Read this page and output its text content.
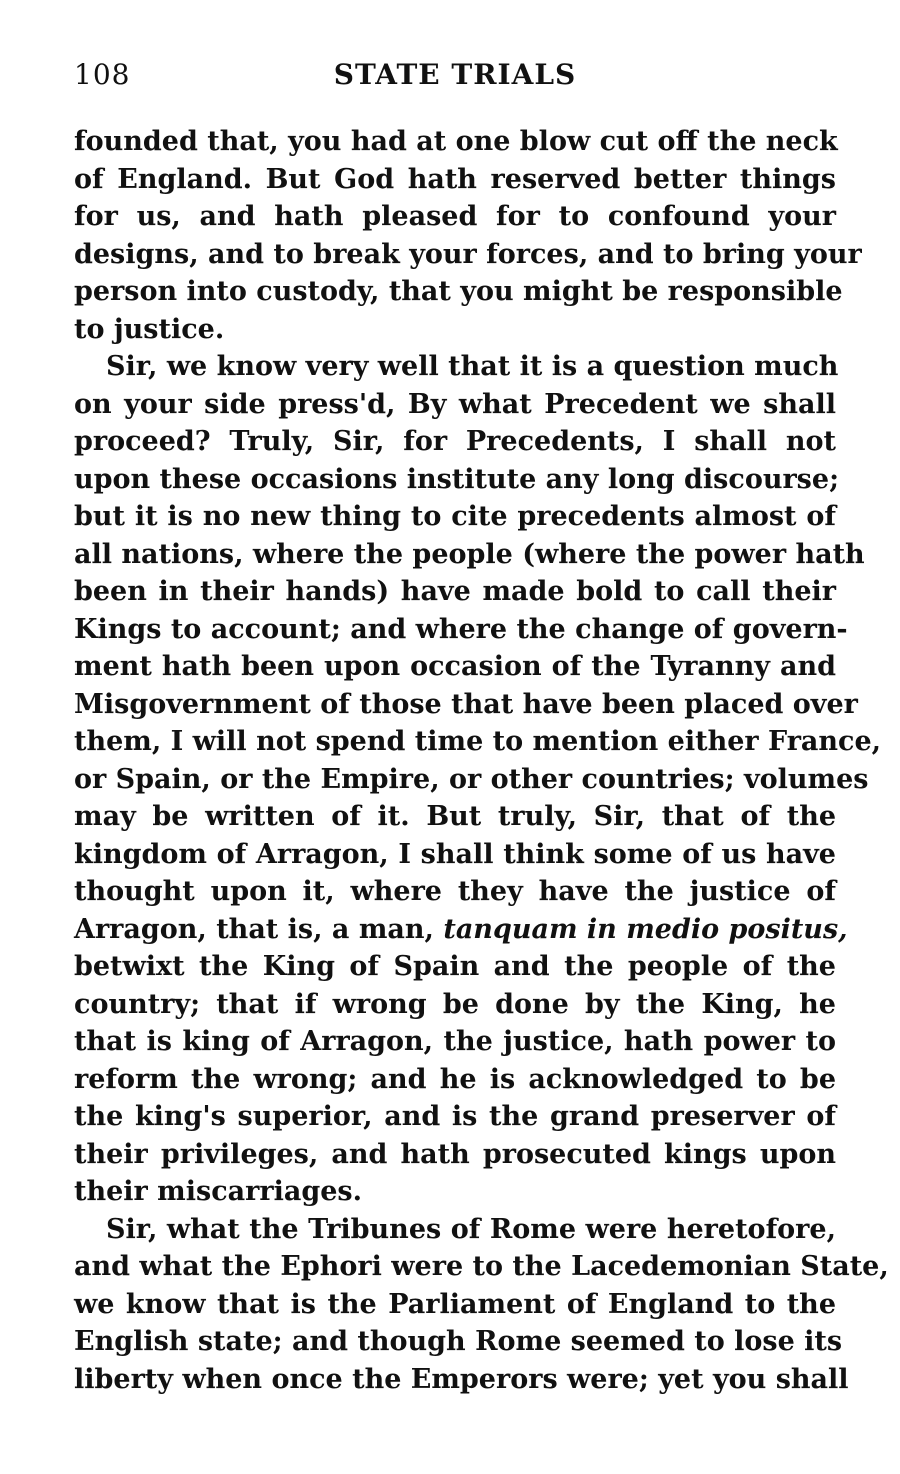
108	STATE TRIALS
founded that, you had at one blow cut off the neck
of England. But God hath reserved better things
for us, and hath pleased for to confound your
designs, and to break your forces, and to bring your
person into custody, that you might be responsible
to justice.
Sir, we know very well that it is a question much
on your side press'd, By what Precedent we shall
proceed? Truly, Sir, for Precedents, I shall not
upon these occasions institute any long discourse;
but it is no new thing to cite precedents almost of
all nations, where the people (where the power hath
been in their hands) have made bold to call their
Kings to account; and where the change of govern-
ment hath been upon occasion of the Tyranny and
Misgovernment of those that have been placed over
them, I will not spend time to mention either France,
or Spain, or the Empire, or other countries; volumes
may be written of it. But truly, Sir, that of the
kingdom of Arragon, I shall think some of us have
thought upon it, where they have the justice of
Arragon, that is, a man, tanquam in medio positus,
betwixt the King of Spain and the people of the
country; that if wrong be done by the King, he
that is king of Arragon, the justice, hath power to
reform the wrong; and he is acknowledged to be
the king's superior, and is the grand preserver of
their privileges, and hath prosecuted kings upon
their miscarriages.
Sir, what the Tribunes of Rome were heretofore,
and what the Ephori were to the Lacedemonian State,
we know that is the Parliament of England to the
English state; and though Rome seemed to lose its
liberty when once the Emperors were; yet you shall
